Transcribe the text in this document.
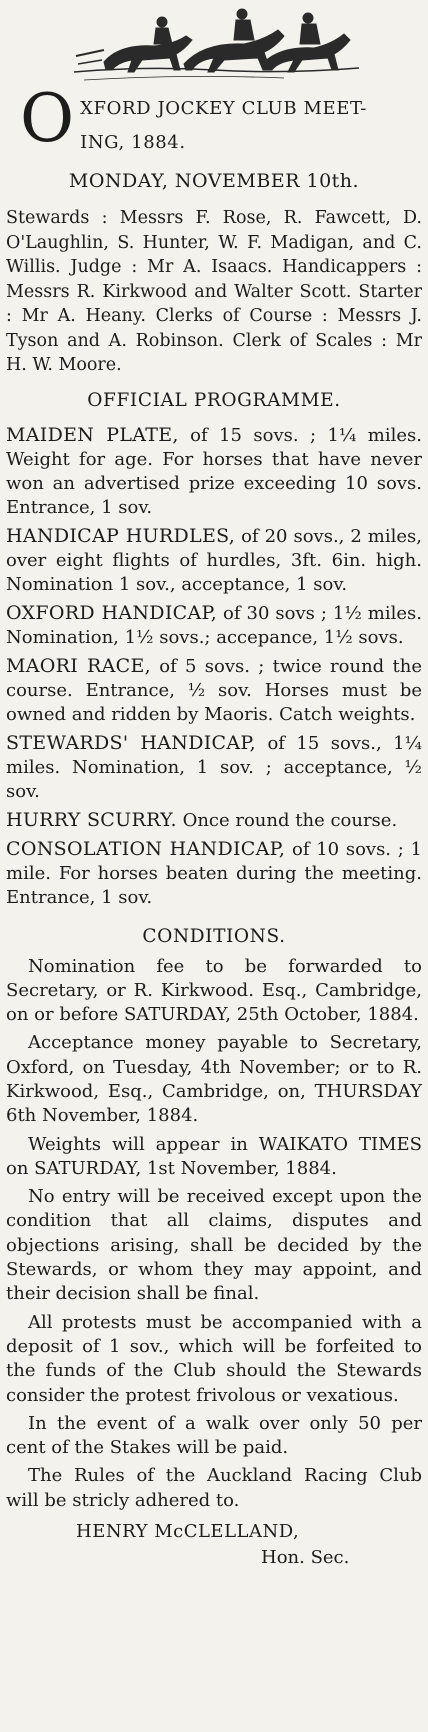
O XFORD JOCKEY CLUB MEET-
ING, 1884.
MONDAY, NOVEMBER 10th.
Stewards : Messrs F. Rose, R. Fawcett, D. O'Laughlin, S. Hunter, W. F. Madigan, and C. Willis. Judge : Mr A. Isaacs. Handicappers : Messrs R. Kirkwood and Walter Scott. Starter : Mr A. Heany. Clerks of Course : Messrs J. Tyson and A. Robinson. Clerk of Scales : Mr H. W. Moore.
OFFICIAL PROGRAMME.
MAIDEN PLATE, of 15 sovs. ; 1¼ miles. Weight for age. For horses that have never won an advertised prize exceeding 10 sovs. Entrance, 1 sov.
HANDICAP HURDLES, of 20 sovs., 2 miles, over eight flights of hurdles, 3ft. 6in. high. Nomination 1 sov., acceptance, 1 sov.
OXFORD HANDICAP, of 30 sovs ; 1½ miles. Nomination, 1½ sovs.; accepance, 1½ sovs.
MAORI RACE, of 5 sovs. ; twice round the course. Entrance, ½ sov. Horses must be owned and ridden by Maoris. Catch weights.
STEWARDS' HANDICAP, of 15 sovs., 1¼ miles. Nomination, 1 sov. ; acceptance, ½ sov.
HURRY SCURRY. Once round the course.
CONSOLATION HANDICAP, of 10 sovs. ; 1 mile. For horses beaten during the meeting. Entrance, 1 sov.
CONDITIONS.

Nomination fee to be forwarded to Secretary, or R. Kirkwood. Esq., Cambridge, on or before SATURDAY, 25th October, 1884.

Acceptance money payable to Secretary, Oxford, on Tuesday, 4th November; or to R. Kirkwood, Esq., Cambridge, on, THURSDAY 6th November, 1884.

Weights will appear in WAIKATO TIMES on SATURDAY, 1st November, 1884.

No entry will be received except upon the condition that all claims, disputes and objections arising, shall be decided by the Stewards, or whom they may appoint, and their decision shall be final.

All protests must be accompanied with a deposit of 1 sov., which will be forfeited to the funds of the Club should the Stewards consider the protest frivolous or vexatious.

In the event of a walk over only 50 per cent of the Stakes will be paid.

The Rules of the Auckland Racing Club will be stricly adhered to.

HENRY McCLELLAND,
Hon. Sec.
